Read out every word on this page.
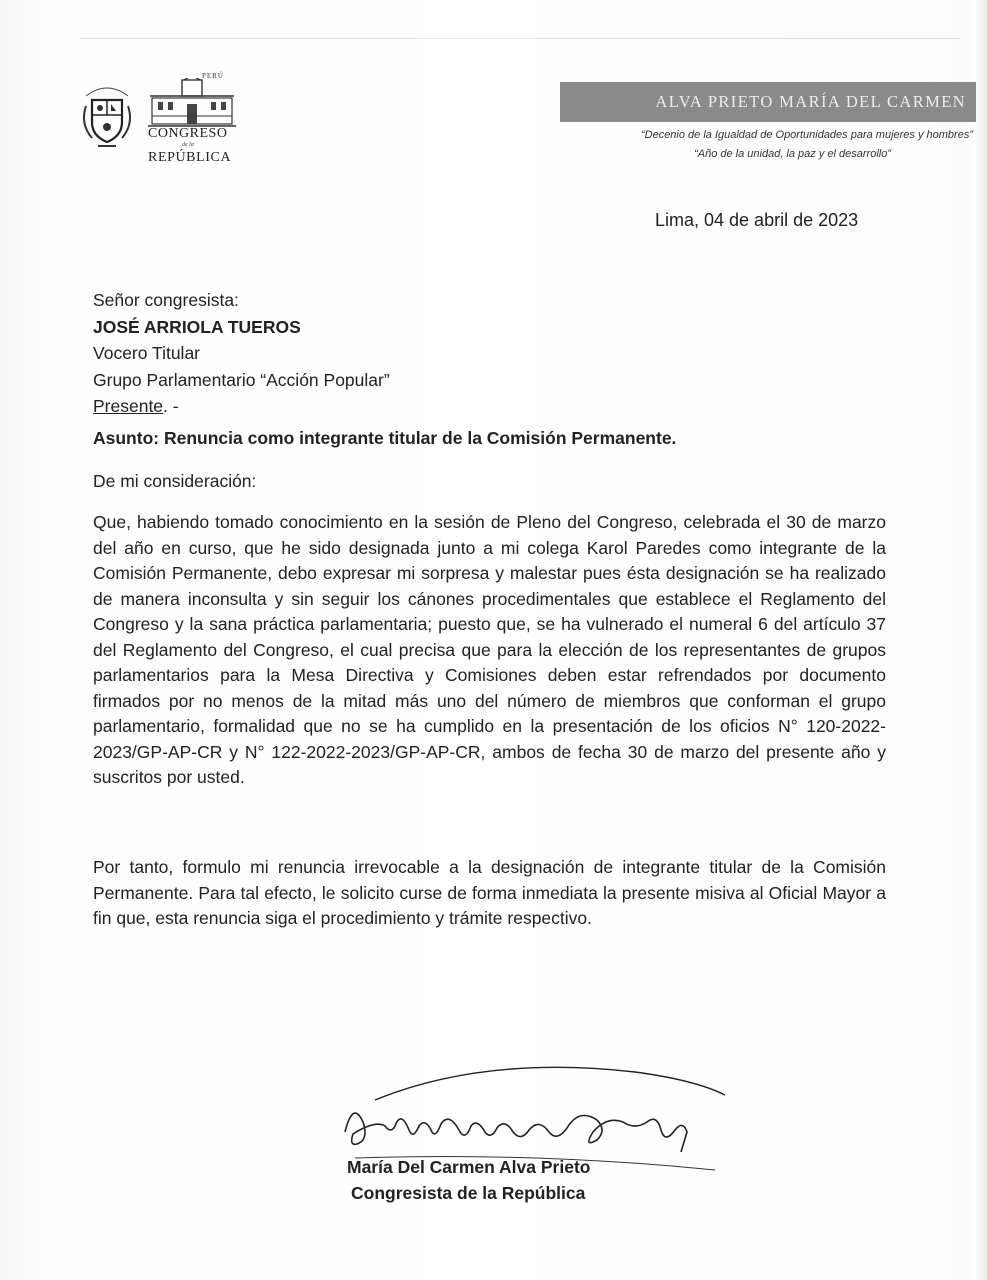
PERÚ
CONGRESO
de la
REPÚBLICA
ALVA PRIETO MARÍA DEL CARMEN
“Decenio de la Igualdad de Oportunidades para mujeres y hombres”
“Año de la unidad, la paz y el desarrollo”
Lima, 04 de abril de 2023
Señor congresista:
JOSÉ ARRIOLA TUEROS
Vocero Titular
Grupo Parlamentario “Acción Popular”
Presente. -
Asunto: Renuncia como integrante titular de la Comisión Permanente.
De mi consideración:
Que, habiendo tomado conocimiento en la sesión de Pleno del Congreso, celebrada el 30 de marzo del año en curso, que he sido designada junto a mi colega Karol Paredes como integrante de la Comisión Permanente, debo expresar mi sorpresa y malestar pues ésta designación se ha realizado de manera inconsulta y sin seguir los cánones procedimentales que establece el Reglamento del Congreso y la sana práctica parlamentaria; puesto que, se ha vulnerado el numeral 6 del artículo 37 del Reglamento del Congreso, el cual precisa que para la elección de los representantes de grupos parlamentarios para la Mesa Directiva y Comisiones deben estar refrendados por documento firmados por no menos de la mitad más uno del número de miembros que conforman el grupo parlamentario, formalidad que no se ha cumplido en la presentación de los oficios N° 120-2022-2023/GP-AP-CR y N° 122-2022-2023/GP-AP-CR, ambos de fecha 30 de marzo del presente año y suscritos por usted.
Por tanto, formulo mi renuncia irrevocable a la designación de integrante titular de la Comisión Permanente. Para tal efecto, le solicito curse de forma inmediata la presente misiva al Oficial Mayor a fin que, esta renuncia siga el procedimiento y trámite respectivo.
María Del Carmen Alva Prieto
Congresista de la República
